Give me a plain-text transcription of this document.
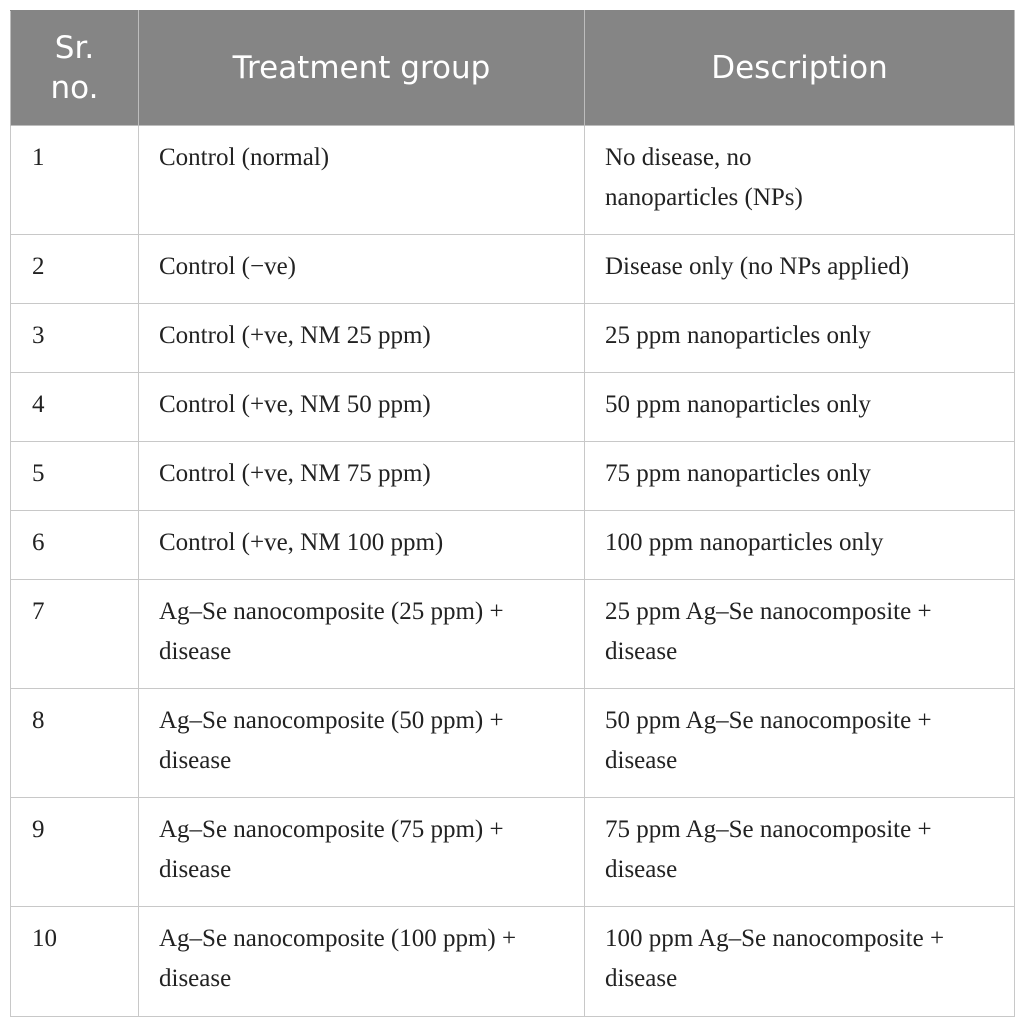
Sr.
no.	Treatment group	Description
1	Control (normal)	No disease, no nanoparticles (NPs)
2	Control (−ve)	Disease only (no NPs applied)
3	Control (+ve, NM 25 ppm)	25 ppm nanoparticles only
4	Control (+ve, NM 50 ppm)	50 ppm nanoparticles only
5	Control (+ve, NM 75 ppm)	75 ppm nanoparticles only
6	Control (+ve, NM 100 ppm)	100 ppm nanoparticles only
7	Ag–Se nanocomposite (25 ppm) + disease	25 ppm Ag–Se nanocomposite + disease
8	Ag–Se nanocomposite (50 ppm) + disease	50 ppm Ag–Se nanocomposite + disease
9	Ag–Se nanocomposite (75 ppm) + disease	75 ppm Ag–Se nanocomposite + disease
10	Ag–Se nanocomposite (100 ppm) + disease	100 ppm Ag–Se nanocomposite + disease
